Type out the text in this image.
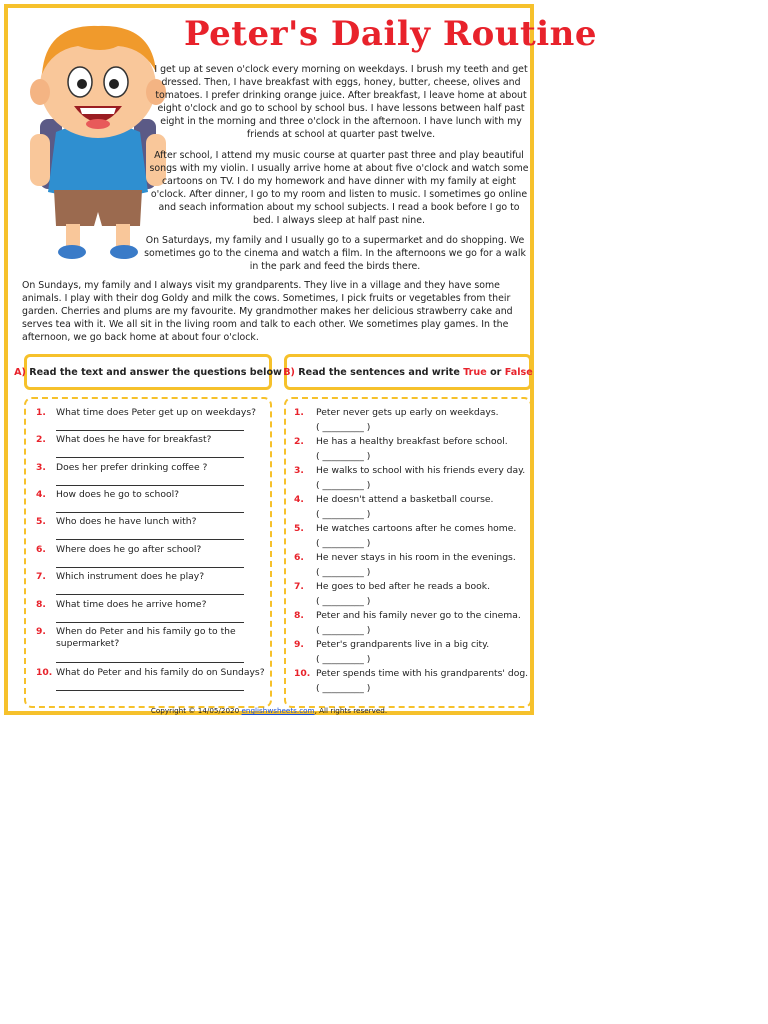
Peter's Daily Routine

I get up at seven o'clock every morning on weekdays. I brush my teeth and get dressed. Then, I have breakfast with eggs, honey, butter, cheese, olives and tomatoes. I prefer drinking orange juice. After breakfast, I leave home at about eight o'clock and go to school by school bus. I have lessons between half past eight in the morning and three o'clock in the afternoon. I have lunch with my friends at school at quarter past twelve.

After school, I attend my music course at quarter past three and play beautiful songs with my violin. I usually arrive home at about five o'clock and watch some cartoons on TV. I do my homework and have dinner with my family at eight o'clock. After dinner, I go to my room and listen to music. I sometimes go online and seach information about my school subjects. I read a book before I go to bed. I always sleep at half past nine.

On Saturdays, my family and I usually go to a supermarket and do shopping. We sometimes go to the cinema and watch a film. In the afternoons we go for a walk in the park and feed the birds there.

On Sundays, my family and I always visit my grandparents. They live in a village and they have some animals. I play with their dog Goldy and milk the cows. Sometimes, I pick fruits or vegetables from their garden. Cherries and plums are my favourite. My grandmother makes her delicious strawberry cake and serves tea with it. We all sit in the living room and talk to each other. We sometimes play games. In the afternoon, we go back home at about four o'clock.

A)
Read the text and answer the questions below B)
Read the sentences and write
True
or
False
1.	What time does Peter get up on weekdays?
2.	What does he have for breakfast?
3.	Does her prefer drinking coffee ?
4.	How does he go to school?
5.	Who does he have lunch with?
6.	Where does he go after school?
7.	Which instrument does he play?
8.	What time does he arrive home?
9.	When do Peter and his family go to the supermarket?
10. What do Peter and his family do on Sundays?
1.	Peter never gets up early on weekdays.
( _________ )
2.	He has a healthy breakfast before school.
( _________ )
3.	He walks to school with his friends every day.
( _________ )
4.	He doesn't attend a basketball course.
( _________ )
5.	He watches cartoons after he comes home.
( _________ )
6.	He never stays in his room in the evenings.
( _________ )
7.	He goes to bed after he reads a book.
( _________ )
8.	Peter and his family never go to the cinema.
( _________ )
9.	Peter's grandparents live in a big city.
( _________ )
10. Peter spends time with his grandparents' dog.
( _________ )
Copyright © 14/05/2020 englishwsheets.com, All rights reserved.
